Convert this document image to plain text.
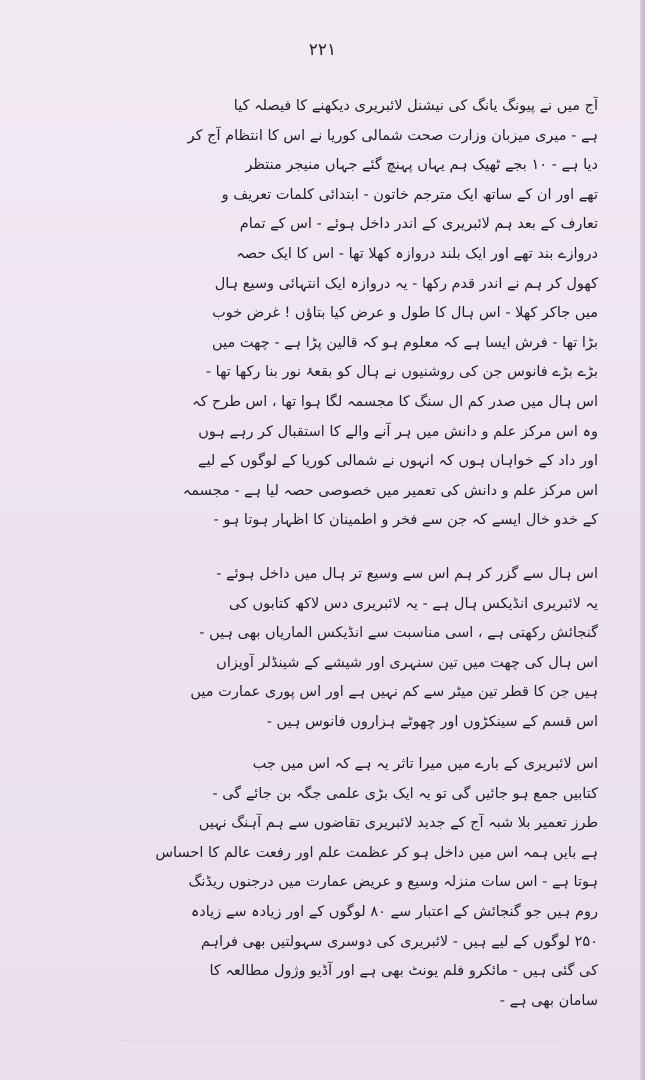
۲۲۱
آج میں نے پیونگ یانگ کی نیشنل لائبریری دیکھنے کا فیصلہ کیا
ہے - میری میزبان وزارت صحت شمالی کوریا نے اس کا انتظام آج کر
دیا ہے - ۱۰ بجے ٹھیک ہم یہاں پہنچ گئے جہاں منیجر منتظر
تھے اور ان کے ساتھ ایک مترجم خاتون - ابتدائی کلمات تعریف و
تعارف کے بعد ہم لائبریری کے اندر داخل ہوئے - اس کے تمام
دروازے بند تھے اور ایک بلند دروازہ کھلا تھا - اس کا ایک حصہ
کھول کر ہم نے اندر قدم رکھا - یہ دروازہ ایک انتہائی وسیع ہال
میں جاکر کھلا - اس ہال کا طول و عرض کیا بتاؤں ! غرض خوب
بڑا تھا - فرش ایسا ہے کہ معلوم ہو کہ قالین پڑا ہے - چھت میں
بڑے بڑے فانوس جن کی روشنیوں نے ہال کو بقعۂ نور بنا رکھا تھا -
اس ہال میں صدر کم ال سنگ کا مجسمہ لگا ہوا تھا ، اس طرح کہ
وہ اس مرکز علم و دانش میں ہر آنے والے کا استقبال کر رہے ہوں
اور داد کے خواہاں ہوں کہ انہوں نے شمالی کوریا کے لوگوں کے لیے
اس مرکز علم و دانش کی تعمیر میں خصوصی حصہ لیا ہے - مجسمہ
کے خدو خال ایسے کہ جن سے فخر و اطمینان کا اظہار ہوتا ہو -
اس ہال سے گزر کر ہم اس سے وسیع تر ہال میں داخل ہوئے -
یہ لائبریری انڈیکس ہال ہے - یہ لائبریری دس لاکھ کتابوں کی
گنجائش رکھتی ہے ، اسی مناسبت سے انڈیکس الماریاں بھی ہیں -
اس ہال کی چھت میں تین سنہری اور شیشے کے شینڈلر آویزاں
ہیں جن کا قطر تین میٹر سے کم نہیں ہے اور اس پوری عمارت میں
اس قسم کے سینکڑوں اور چھوٹے ہزاروں فانوس ہیں -
اس لائبریری کے بارے میں میرا تاثر یہ ہے کہ اس میں جب
کتابیں جمع ہو جائیں گی تو یہ ایک بڑی علمی جگہ بن جائے گی -
طرز تعمیر بلا شبہ آج کے جدید لائبریری تقاضوں سے ہم آہنگ نہیں
ہے بایں ہمہ اس میں داخل ہو کر عظمت علم اور رفعت عالم کا احساس
ہوتا ہے - اس سات منزلہ وسیع و عریض عمارت میں درجنوں ریڈنگ
روم ہیں جو گنجائش کے اعتبار سے ۸۰ لوگوں کے اور زیادہ سے زیادہ
۲۵۰ لوگوں کے لیے ہیں - لائبریری کی دوسری سہولتیں بھی فراہم
کی گئی ہیں - مائکرو فلم یونٹ بھی ہے اور آڈیو وژول مطالعہ کا
سامان بھی ہے -
